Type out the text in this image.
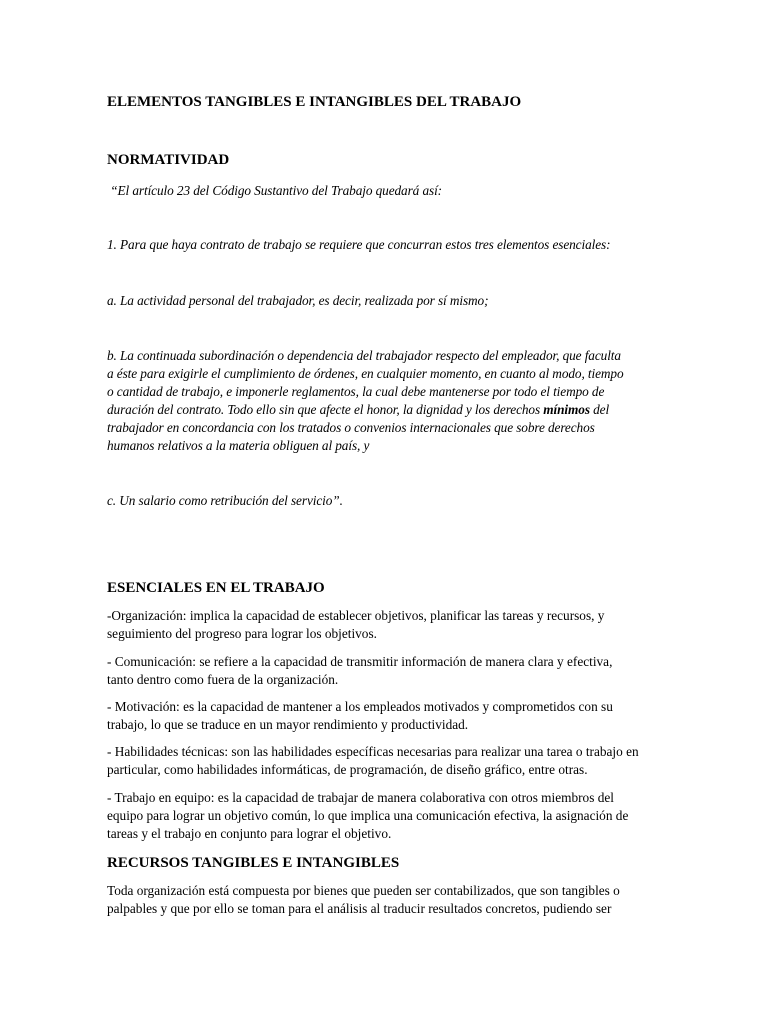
ELEMENTOS TANGIBLES E INTANGIBLES DEL TRABAJO
NORMATIVIDAD
“El artículo 23 del Código Sustantivo del Trabajo quedará así:
1. Para que haya contrato de trabajo se requiere que concurran estos tres elementos esenciales:
a. La actividad personal del trabajador, es decir, realizada por sí mismo;
b. La continuada subordinación o dependencia del trabajador respecto del empleador, que faculta
a éste para exigirle el cumplimiento de órdenes, en cualquier momento, en cuanto al modo, tiempo
o cantidad de trabajo, e imponerle reglamentos, la cual debe mantenerse por todo el tiempo de
duración del contrato. Todo ello sin que afecte el honor, la dignidad y los derechos mínimos del
trabajador en concordancia con los tratados o convenios internacionales que sobre derechos
humanos relativos a la materia obliguen al país, y
c. Un salario como retribución del servicio”.
ESENCIALES EN EL TRABAJO
-Organización: implica la capacidad de establecer objetivos, planificar las tareas y recursos, y
seguimiento del progreso para lograr los objetivos.
- Comunicación: se refiere a la capacidad de transmitir información de manera clara y efectiva,
tanto dentro como fuera de la organización.
- Motivación: es la capacidad de mantener a los empleados motivados y comprometidos con su
trabajo, lo que se traduce en un mayor rendimiento y productividad.
- Habilidades técnicas: son las habilidades específicas necesarias para realizar una tarea o trabajo en
particular, como habilidades informáticas, de programación, de diseño gráfico, entre otras.
- Trabajo en equipo: es la capacidad de trabajar de manera colaborativa con otros miembros del
equipo para lograr un objetivo común, lo que implica una comunicación efectiva, la asignación de
tareas y el trabajo en conjunto para lograr el objetivo.
RECURSOS TANGIBLES E INTANGIBLES
Toda organización está compuesta por bienes que pueden ser contabilizados, que son tangibles o
palpables y que por ello se toman para el análisis al traducir resultados concretos, pudiendo ser
